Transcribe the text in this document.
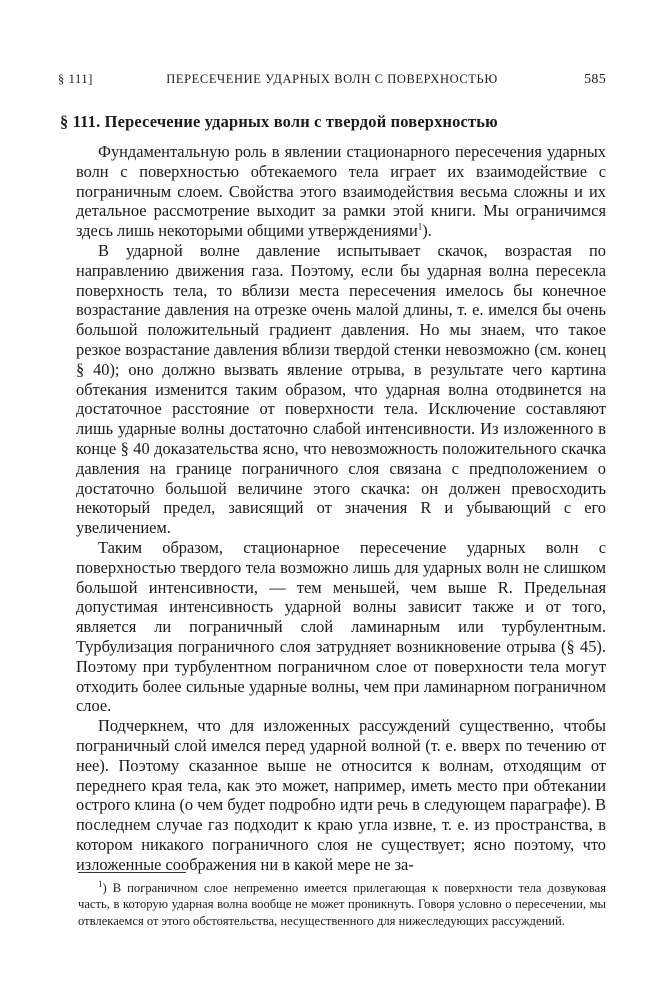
§ 111]	ПЕРЕСЕЧЕНИЕ УДАРНЫХ ВОЛН С ПОВЕРХНОСТЬЮ	585
§ 111. Пересечение ударных волн с твердой поверхностью

Фундаментальную роль в явлении стационарного пересечения ударных волн с поверхностью обтекаемого тела играет их взаимодействие с пограничным слоем. Свойства этого взаимодействия весьма сложны и их детальное рассмотрение выходит за рамки этой книги. Мы ограничимся здесь лишь некоторыми общими утверждениями$^1$).

В ударной волне давление испытывает скачок, возрастая по направлению движения газа. Поэтому, если бы ударная волна пересекла поверхность тела, то вблизи места пересечения имелось бы конечное возрастание давления на отрезке очень малой длины, т. е. имелся бы очень большой положительный градиент давления. Но мы знаем, что такое резкое возрастание давления вблизи твердой стенки невозможно (см. конец § 40); оно должно вызвать явление отрыва, в результате чего картина обтекания изменится таким образом, что ударная волна отодвинется на достаточное расстояние от поверхности тела. Исключение составляют лишь ударные волны достаточно слабой интенсивности. Из изложенного в конце § 40 доказательства ясно, что невозможность положительного скачка давления на границе пограничного слоя связана с предположением о достаточно большой величине этого скачка: он должен превосходить некоторый предел, зависящий от значения R и убывающий с его увеличением.

Таким образом, стационарное пересечение ударных волн с поверхностью твердого тела возможно лишь для ударных волн не слишком большой интенсивности, — тем меньшей, чем выше R. Предельная допустимая интенсивность ударной волны зависит также и от того, является ли пограничный слой ламинарным или турбулентным. Турбулизация пограничного слоя затрудняет возникновение отрыва (§ 45). Поэтому при турбулентном пограничном слое от поверхности тела могут отходить более сильные ударные волны, чем при ламинарном пограничном слое.

Подчеркнем, что для изложенных рассуждений существенно, чтобы пограничный слой имелся перед ударной волной (т. е. вверх по течению от нее). Поэтому сказанное выше не относится к волнам, отходящим от переднего края тела, как это может, например, иметь место при обтекании острого клина (о чем будет подробно идти речь в следующем параграфе). В последнем случае газ подходит к краю угла извне, т. е. из пространства, в котором никакого пограничного слоя не существует; ясно поэтому, что изложенные соображения ни в какой мере не за-

$^1$) В пограничном слое непременно имеется прилегающая к поверхности тела дозвуковая часть, в которую ударная волна вообще не может проникнуть. Говоря условно о пересечении, мы отвлекаемся от этого обстоятельства, несущественного для нижеследующих рассуждений.
